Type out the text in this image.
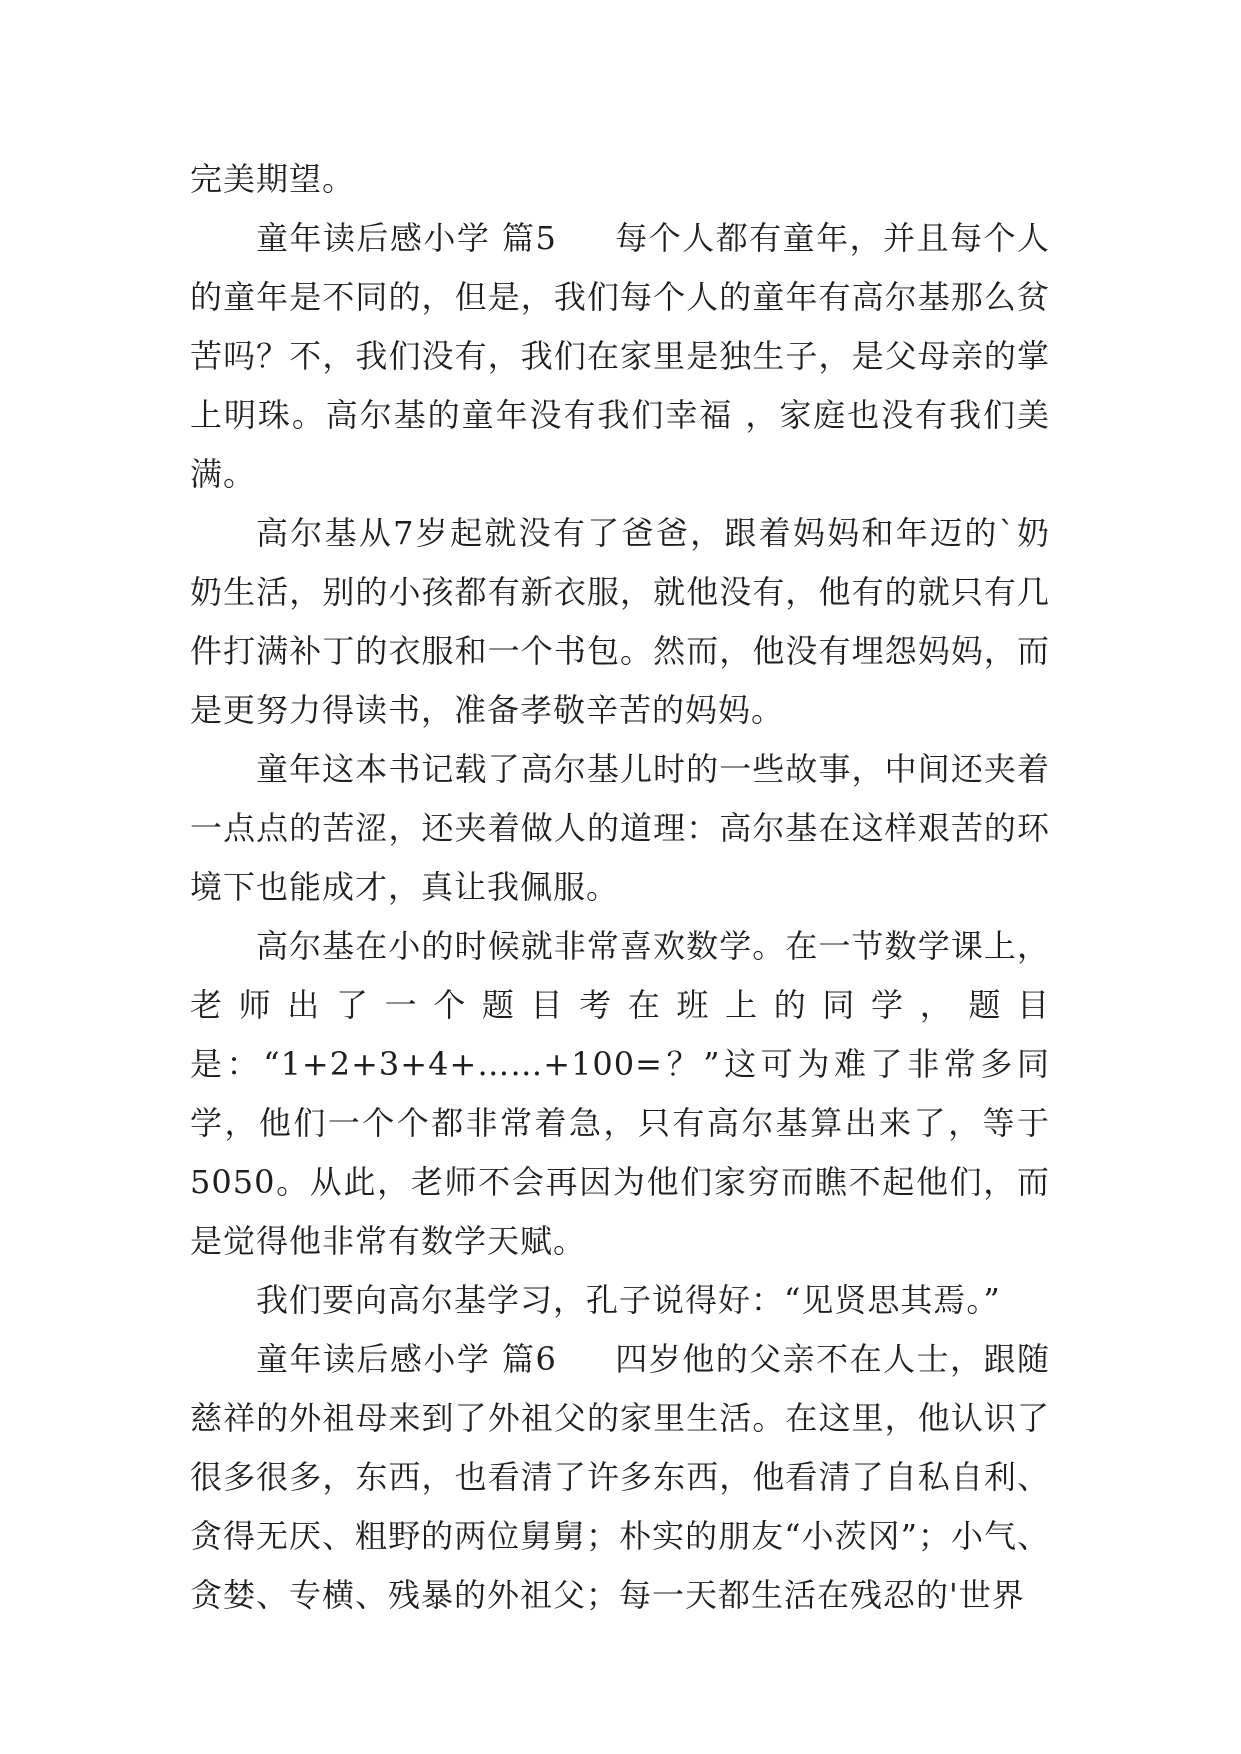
完美期望。

童年读后感小学 篇5 每个人都有童年，并且每个人的童年是不同的，但是，我们每个人的童年有高尔基那么贫苦吗？不，我们没有，我们在家里是独生子，是父母亲的掌上明珠。高尔基的童年没有我们幸福 ，家庭也没有我们美满。

高尔基从7岁起就没有了爸爸，跟着妈妈和年迈的`奶奶生活，别的小孩都有新衣服，就他没有，他有的就只有几件打满补丁的衣服和一个书包。然而，他没有埋怨妈妈，而是更努力得读书，准备孝敬辛苦的妈妈。

童年这本书记载了高尔基儿时的一些故事，中间还夹着一点点的苦涩，还夹着做人的道理：高尔基在这样艰苦的环境下也能成才，真让我佩服。

高尔基在小的时候就非常喜欢数学。在一节数学课上，老师出了一个题目考在班上的同学，题目是：“1+2+3+4+……+100=？”这可为难了非常多同学，他们一个个都非常着急，只有高尔基算出来了，等于5050。从此，老师不会再因为他们家穷而瞧不起他们，而是觉得他非常有数学天赋。

我们要向高尔基学习，孔子说得好：“见贤思其焉。”

童年读后感小学 篇6 四岁他的父亲不在人士，跟随慈祥的外祖母来到了外祖父的家里生活。在这里，他认识了很多很多，东西，也看清了许多东西，他看清了自私自利、贪得无厌、粗野的两位舅舅；朴实的朋友“小茨冈”；小气、贪婪、专横、残暴的外祖父；每一天都生活在残忍的'世界
